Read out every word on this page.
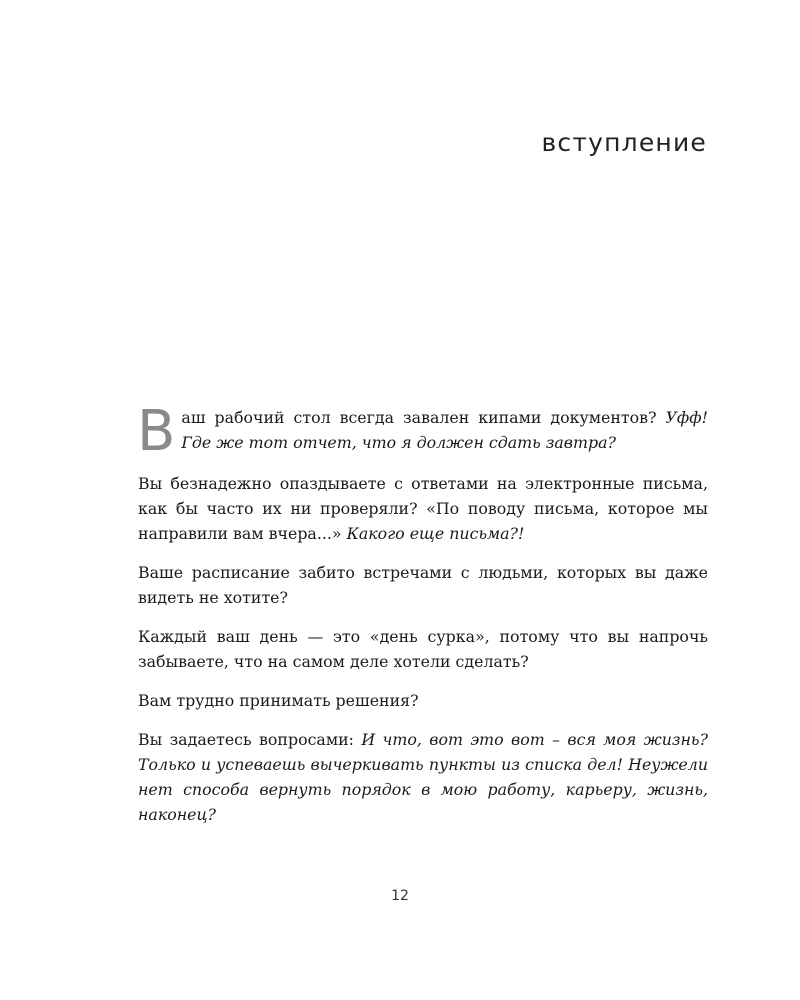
вступление

В аш рабочий стол всегда завален кипами документов? Уфф! Где же тот отчет, что я должен сдать завтра?

Вы безнадежно опаздываете с ответами на электронные письма, как бы часто их ни проверяли? «По поводу письма, которое мы направили вам вчера...» Какого еще письма?!

Ваше расписание забито встречами с людьми, которых вы даже видеть не хотите?

Каждый ваш день — это «день сурка», потому что вы напрочь забываете, что на самом деле хотели сделать?

Вам трудно принимать решения?

Вы задаетесь вопросами: И что, вот это вот – вся моя жизнь? Только и успеваешь вычеркивать пункты из списка дел! Неужели нет способа вернуть порядок в мою работу, карьеру, жизнь, наконец?

12
